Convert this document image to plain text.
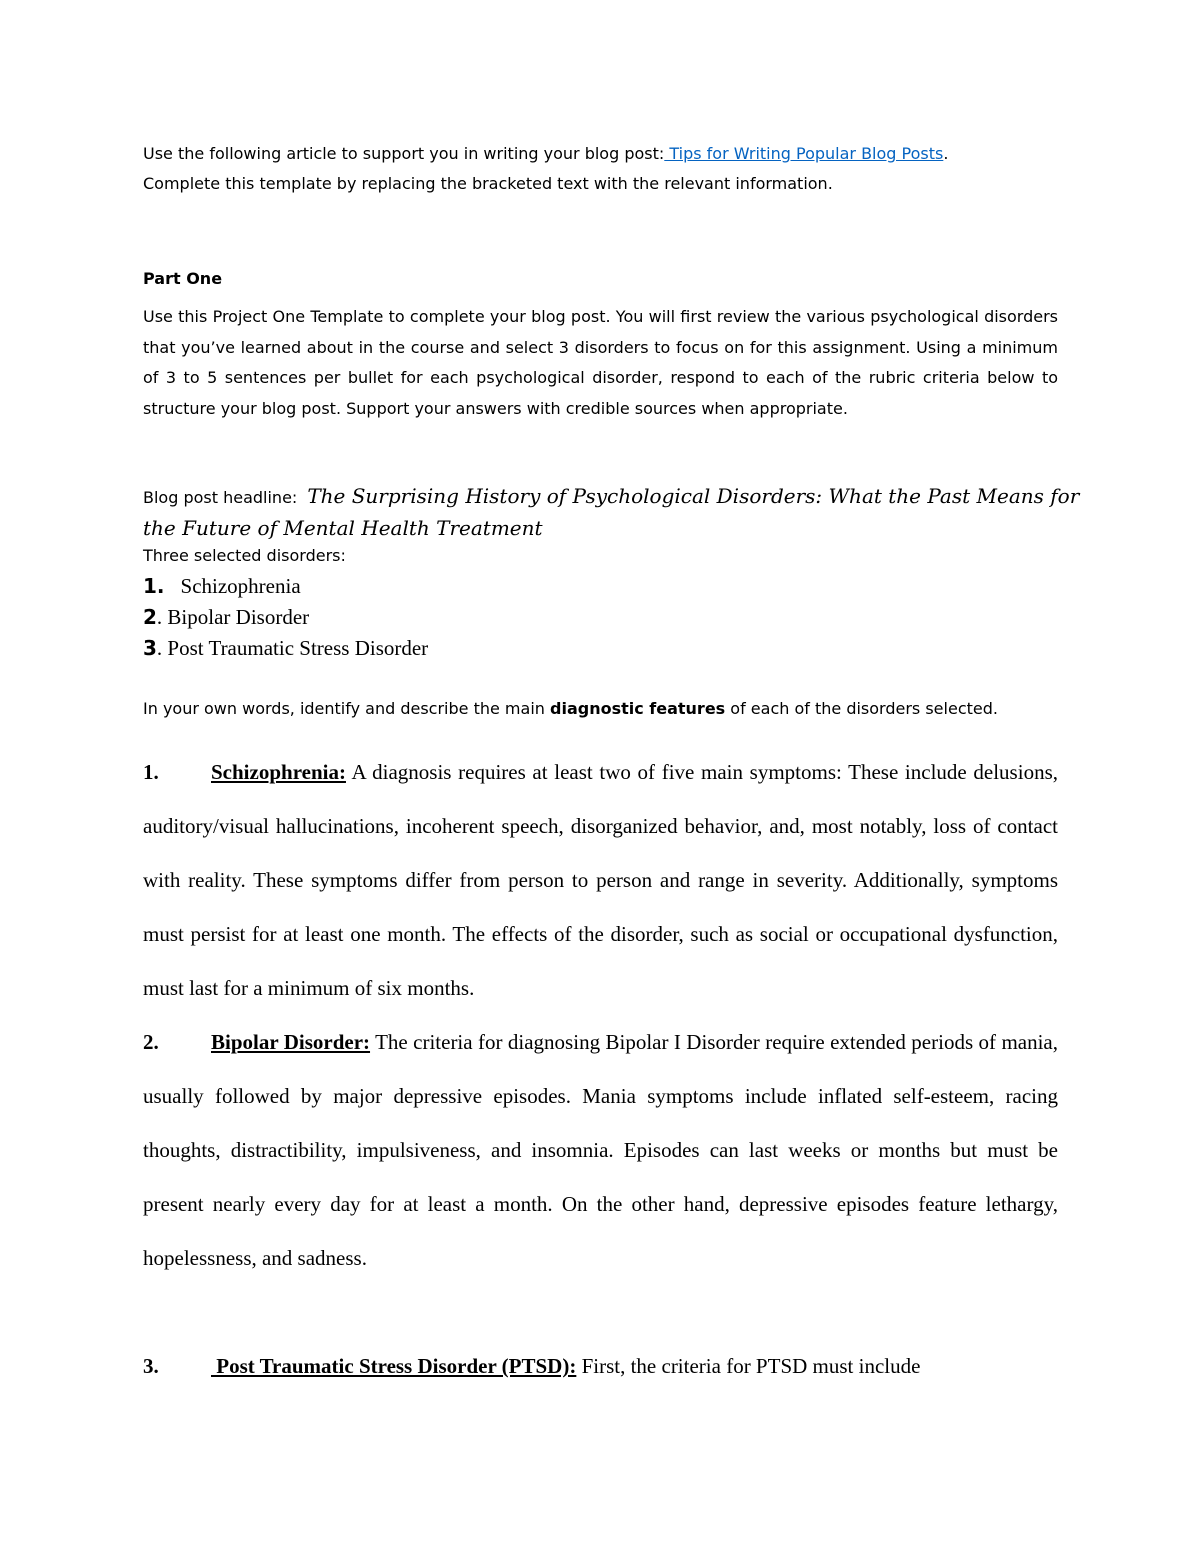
Use the following article to support you in writing your blog post: Tips for Writing Popular Blog Posts.

Complete this template by replacing the bracketed text with the relevant information.

Part One

Use this Project One Template to complete your blog post. You will first review the various psychological disorders that you’ve learned about in the course and select 3 disorders to focus on for this assignment. Using a minimum of 3 to 5 sentences per bullet for each psychological disorder, respond to each of the rubric criteria below to structure your blog post. Support your answers with credible sources when appropriate.

Blog post headline: The Surprising History of Psychological Disorders: What the Past Means for

the Future of Mental Health Treatment

Three selected disorders:

1. Schizophrenia

2. Bipolar Disorder

3. Post Traumatic Stress Disorder

In your own words, identify and describe the main diagnostic features of each of the disorders selected.

1. Schizophrenia: A diagnosis requires at least two of five main symptoms: These include delusions, auditory/visual hallucinations, incoherent speech, disorganized behavior, and, most notably, loss of contact with reality. These symptoms differ from person to person and range in severity. Additionally, symptoms must persist for at least one month. The effects of the disorder, such as social or occupational dysfunction, must last for a minimum of six months.

2. Bipolar Disorder: The criteria for diagnosing Bipolar I Disorder require extended periods of mania, usually followed by major depressive episodes. Mania symptoms include inflated self-esteem, racing thoughts, distractibility, impulsiveness, and insomnia. Episodes can last weeks or months but must be present nearly every day for at least a month. On the other hand, depressive episodes feature lethargy, hopelessness, and sadness.

3. Post Traumatic Stress Disorder (PTSD): First, the criteria for PTSD must include
